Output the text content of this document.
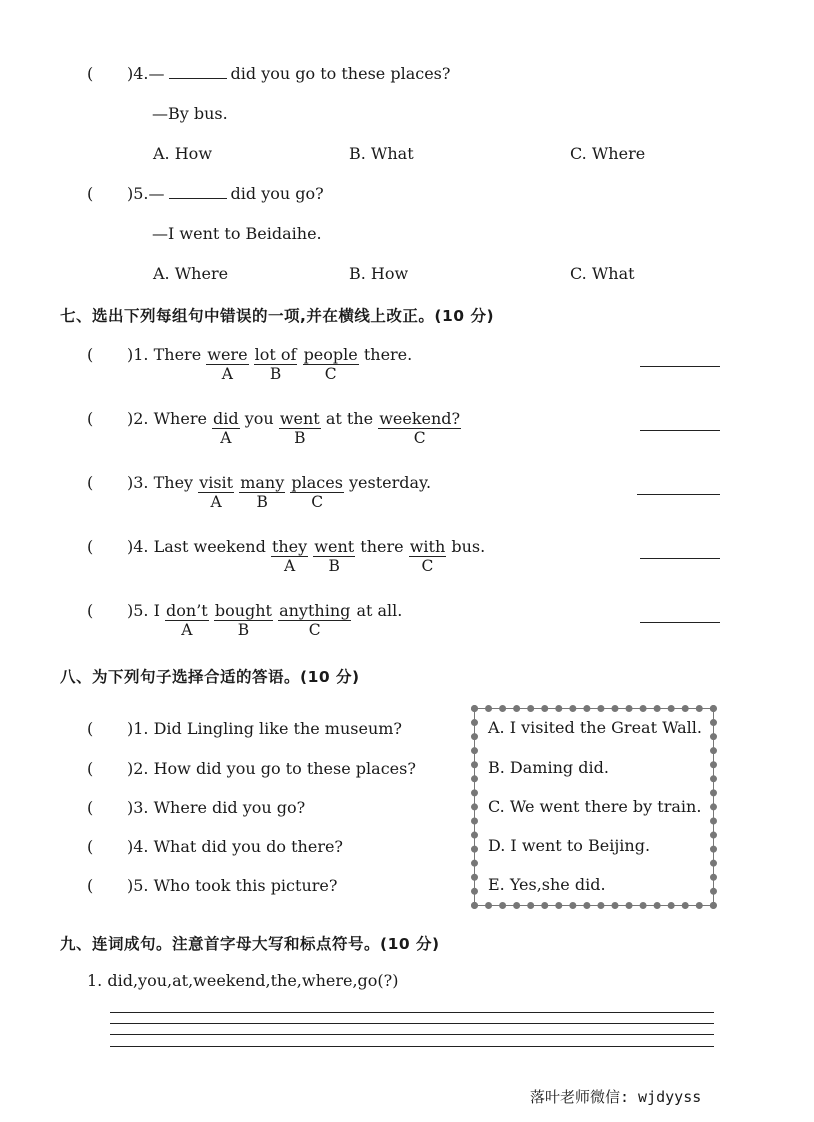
( )4.—	did you go to these places?
—By bus.
A. How	B. What	C. Where
( )5.—	did you go?
—I went to Beidaihe.
A. Where	B. How	C. What
七、选出下列每组句中错误的一项,并在横线上改正。(10 分)
( )1. There were
A
lot of
B
people
C
there.
( )2. Where did
A
you went
B
at the weekend?
C
( )3. They visit
A
many
B
places
C
yesterday.
( )4. Last weekend they
A
went
B
there with
C
bus.
( )5. I don’t
A
bought
B
anything
C
at all.
八、为下列句子选择合适的答语。(10 分)
( )1. Did Lingling like the museum?
( )2. How did you go to these places?
( )3. Where did you go?
( )4. What did you do there?
( )5. Who took this picture?
A. I visited the Great Wall.
B. Daming did.
C. We went there by train.
D. I went to Beijing.
E. Yes,she did.
九、连词成句。注意首字母大写和标点符号。(10 分)
1. did,you,at,weekend,the,where,go(?)
落叶老师微信: wjdyyss
